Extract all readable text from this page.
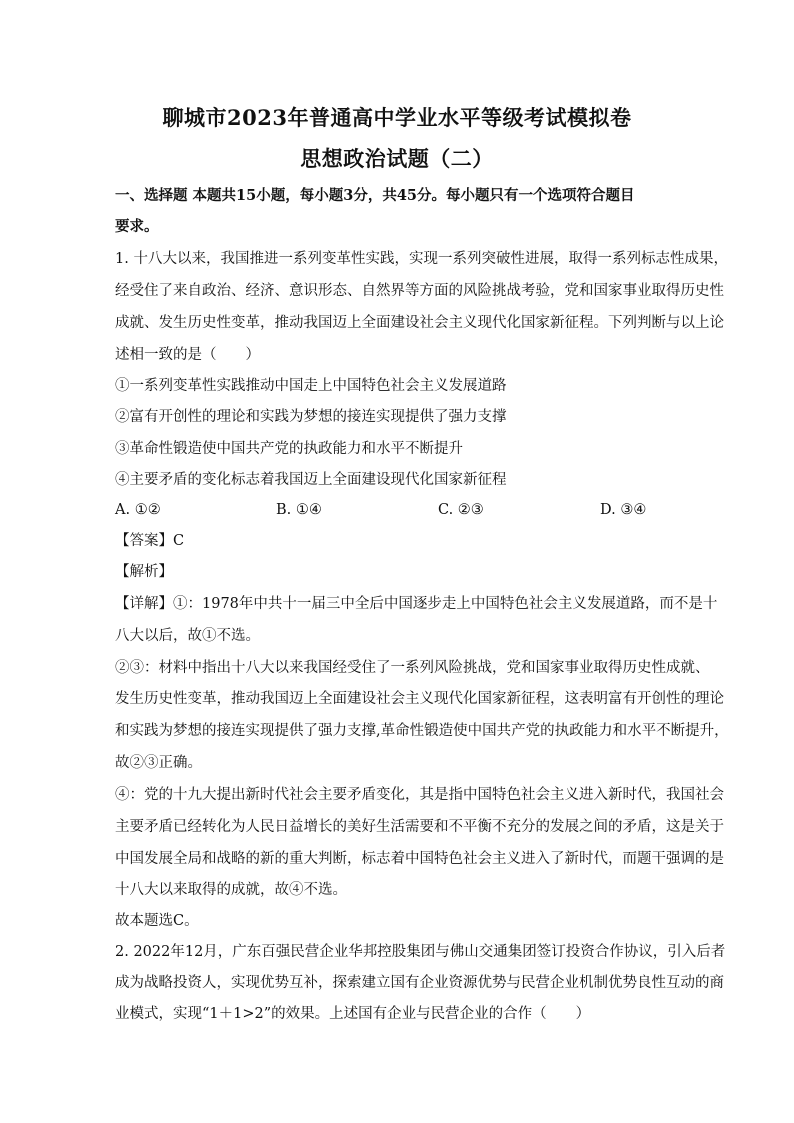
聊城市2023年普通高中学业水平等级考试模拟卷
思想政治试题（二）
一、选择题 本题共15小题，每小题3分，共45分。每小题只有一个选项符合题目
要求。
1. 十八大以来，我国推进一系列变革性实践，实现一系列突破性进展，取得一系列标志性成果，
经受住了来自政治、经济、意识形态、自然界等方面的风险挑战考验，党和国家事业取得历史性
成就、发生历史性变革，推动我国迈上全面建设社会主义现代化国家新征程。下列判断与以上论
述相一致的是（　　）
①一系列变革性实践推动中国走上中国特色社会主义发展道路
②富有开创性的理论和实践为梦想的接连实现提供了强力支撑
③革命性锻造使中国共产党的执政能力和水平不断提升
④主要矛盾的变化标志着我国迈上全面建设现代化国家新征程
A. ①②	B. ①④	C. ②③	D. ③④
【答案】C
【解析】
【详解】①：1978年中共十一届三中全后中国逐步走上中国特色社会主义发展道路，而不是十
八大以后，故①不选。
②③：材料中指出十八大以来我国经受住了一系列风险挑战，党和国家事业取得历史性成就、
发生历史性变革，推动我国迈上全面建设社会主义现代化国家新征程，这表明富有开创性的理论
和实践为梦想的接连实现提供了强力支撑,革命性锻造使中国共产党的执政能力和水平不断提升，
故②③正确。
④：党的十九大提出新时代社会主要矛盾变化，其是指中国特色社会主义进入新时代，我国社会
主要矛盾已经转化为人民日益增长的美好生活需要和不平衡不充分的发展之间的矛盾，这是关于
中国发展全局和战略的新的重大判断，标志着中国特色社会主义进入了新时代，而题干强调的是
十八大以来取得的成就，故④不选。
故本题选C。
2. 2022年12月，广东百强民营企业华邦控股集团与佛山交通集团签订投资合作协议，引入后者
成为战略投资人，实现优势互补，探索建立国有企业资源优势与民营企业机制优势良性互动的商
业模式，实现“1＋1>2”的效果。上述国有企业与民营企业的合作（　　）
